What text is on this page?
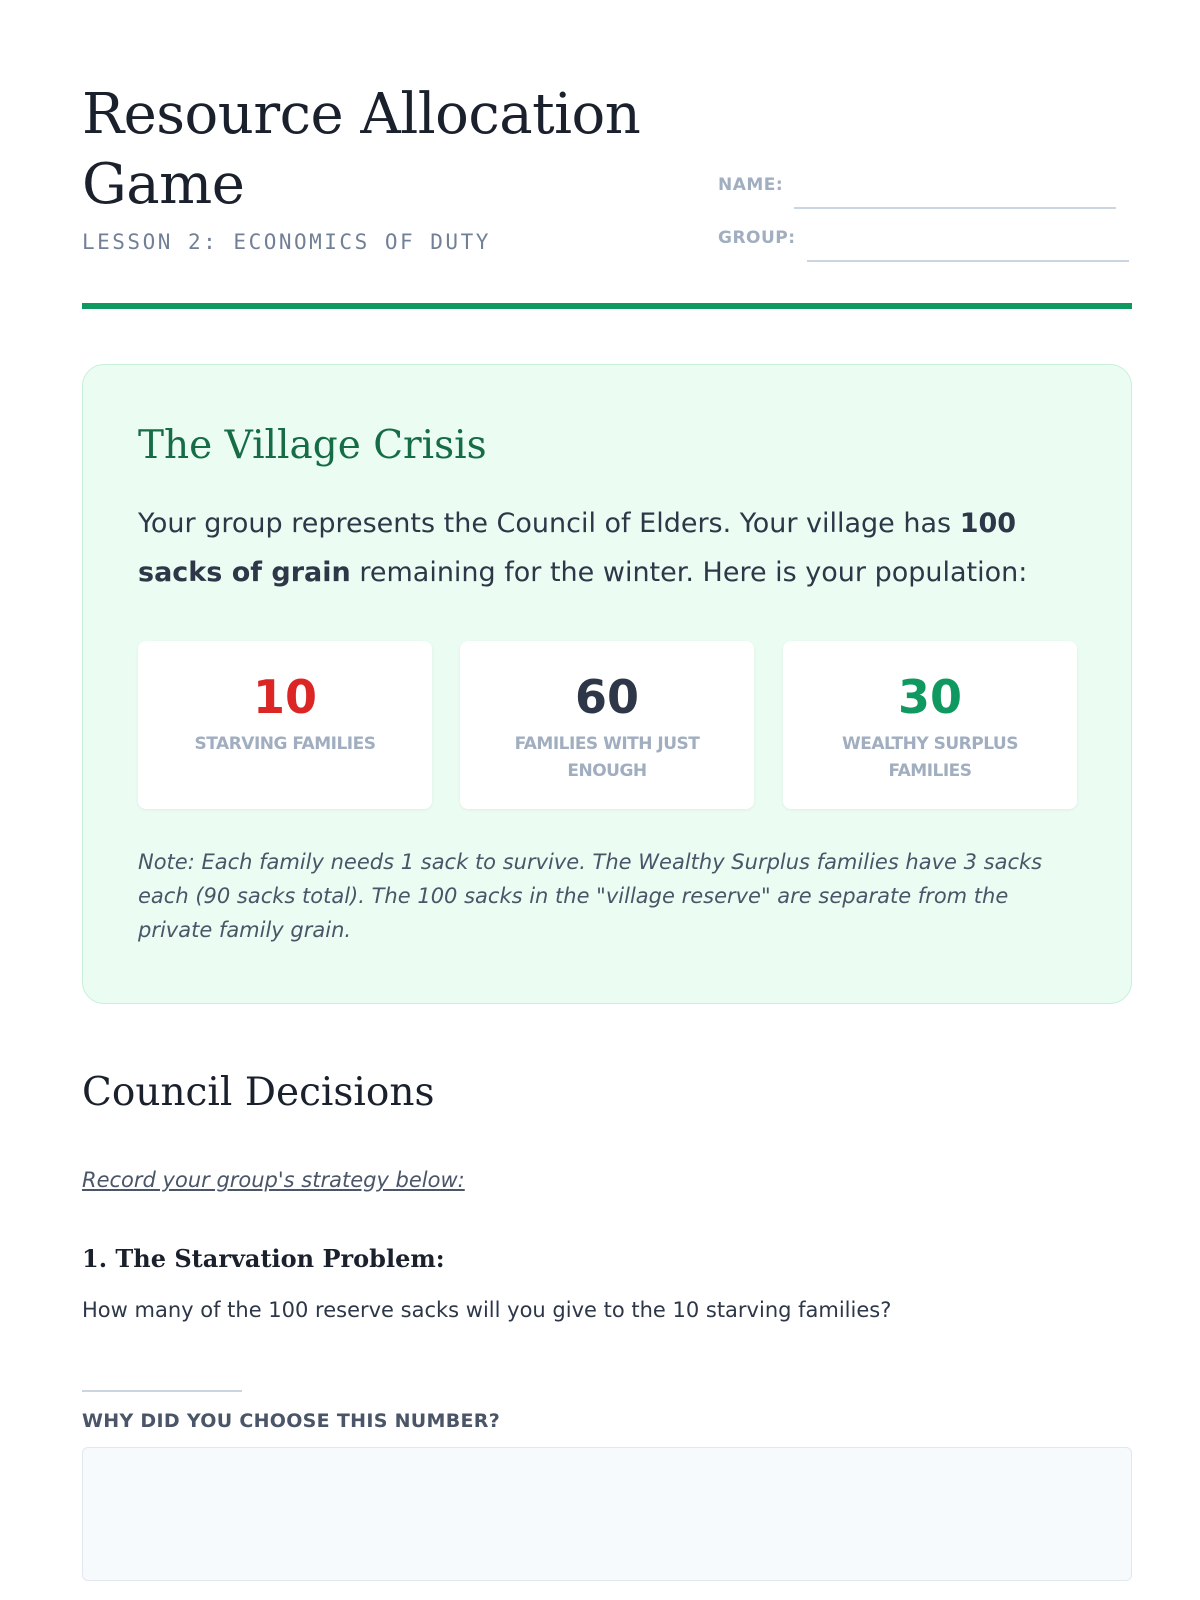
Resource Allocation Game
LESSON 2: ECONOMICS OF DUTY
NAME:
GROUP:
The Village Crisis

Your group represents the Council of Elders. Your village has 100 sacks of grain remaining for the winter. Here is your population:

10
STARVING FAMILIES
60
FAMILIES WITH JUST ENOUGH
30
WEALTHY SURPLUS FAMILIES

Note: Each family needs 1 sack to survive. The Wealthy Surplus families have 3 sacks each (90 sacks total). The 100 sacks in the "village reserve" are separate from the private family grain.

Council Decisions
Record your group's strategy below:
1. The Starvation Problem:
How many of the 100 reserve sacks will you give to the 10 starving families?
WHY DID YOU CHOOSE THIS NUMBER?
